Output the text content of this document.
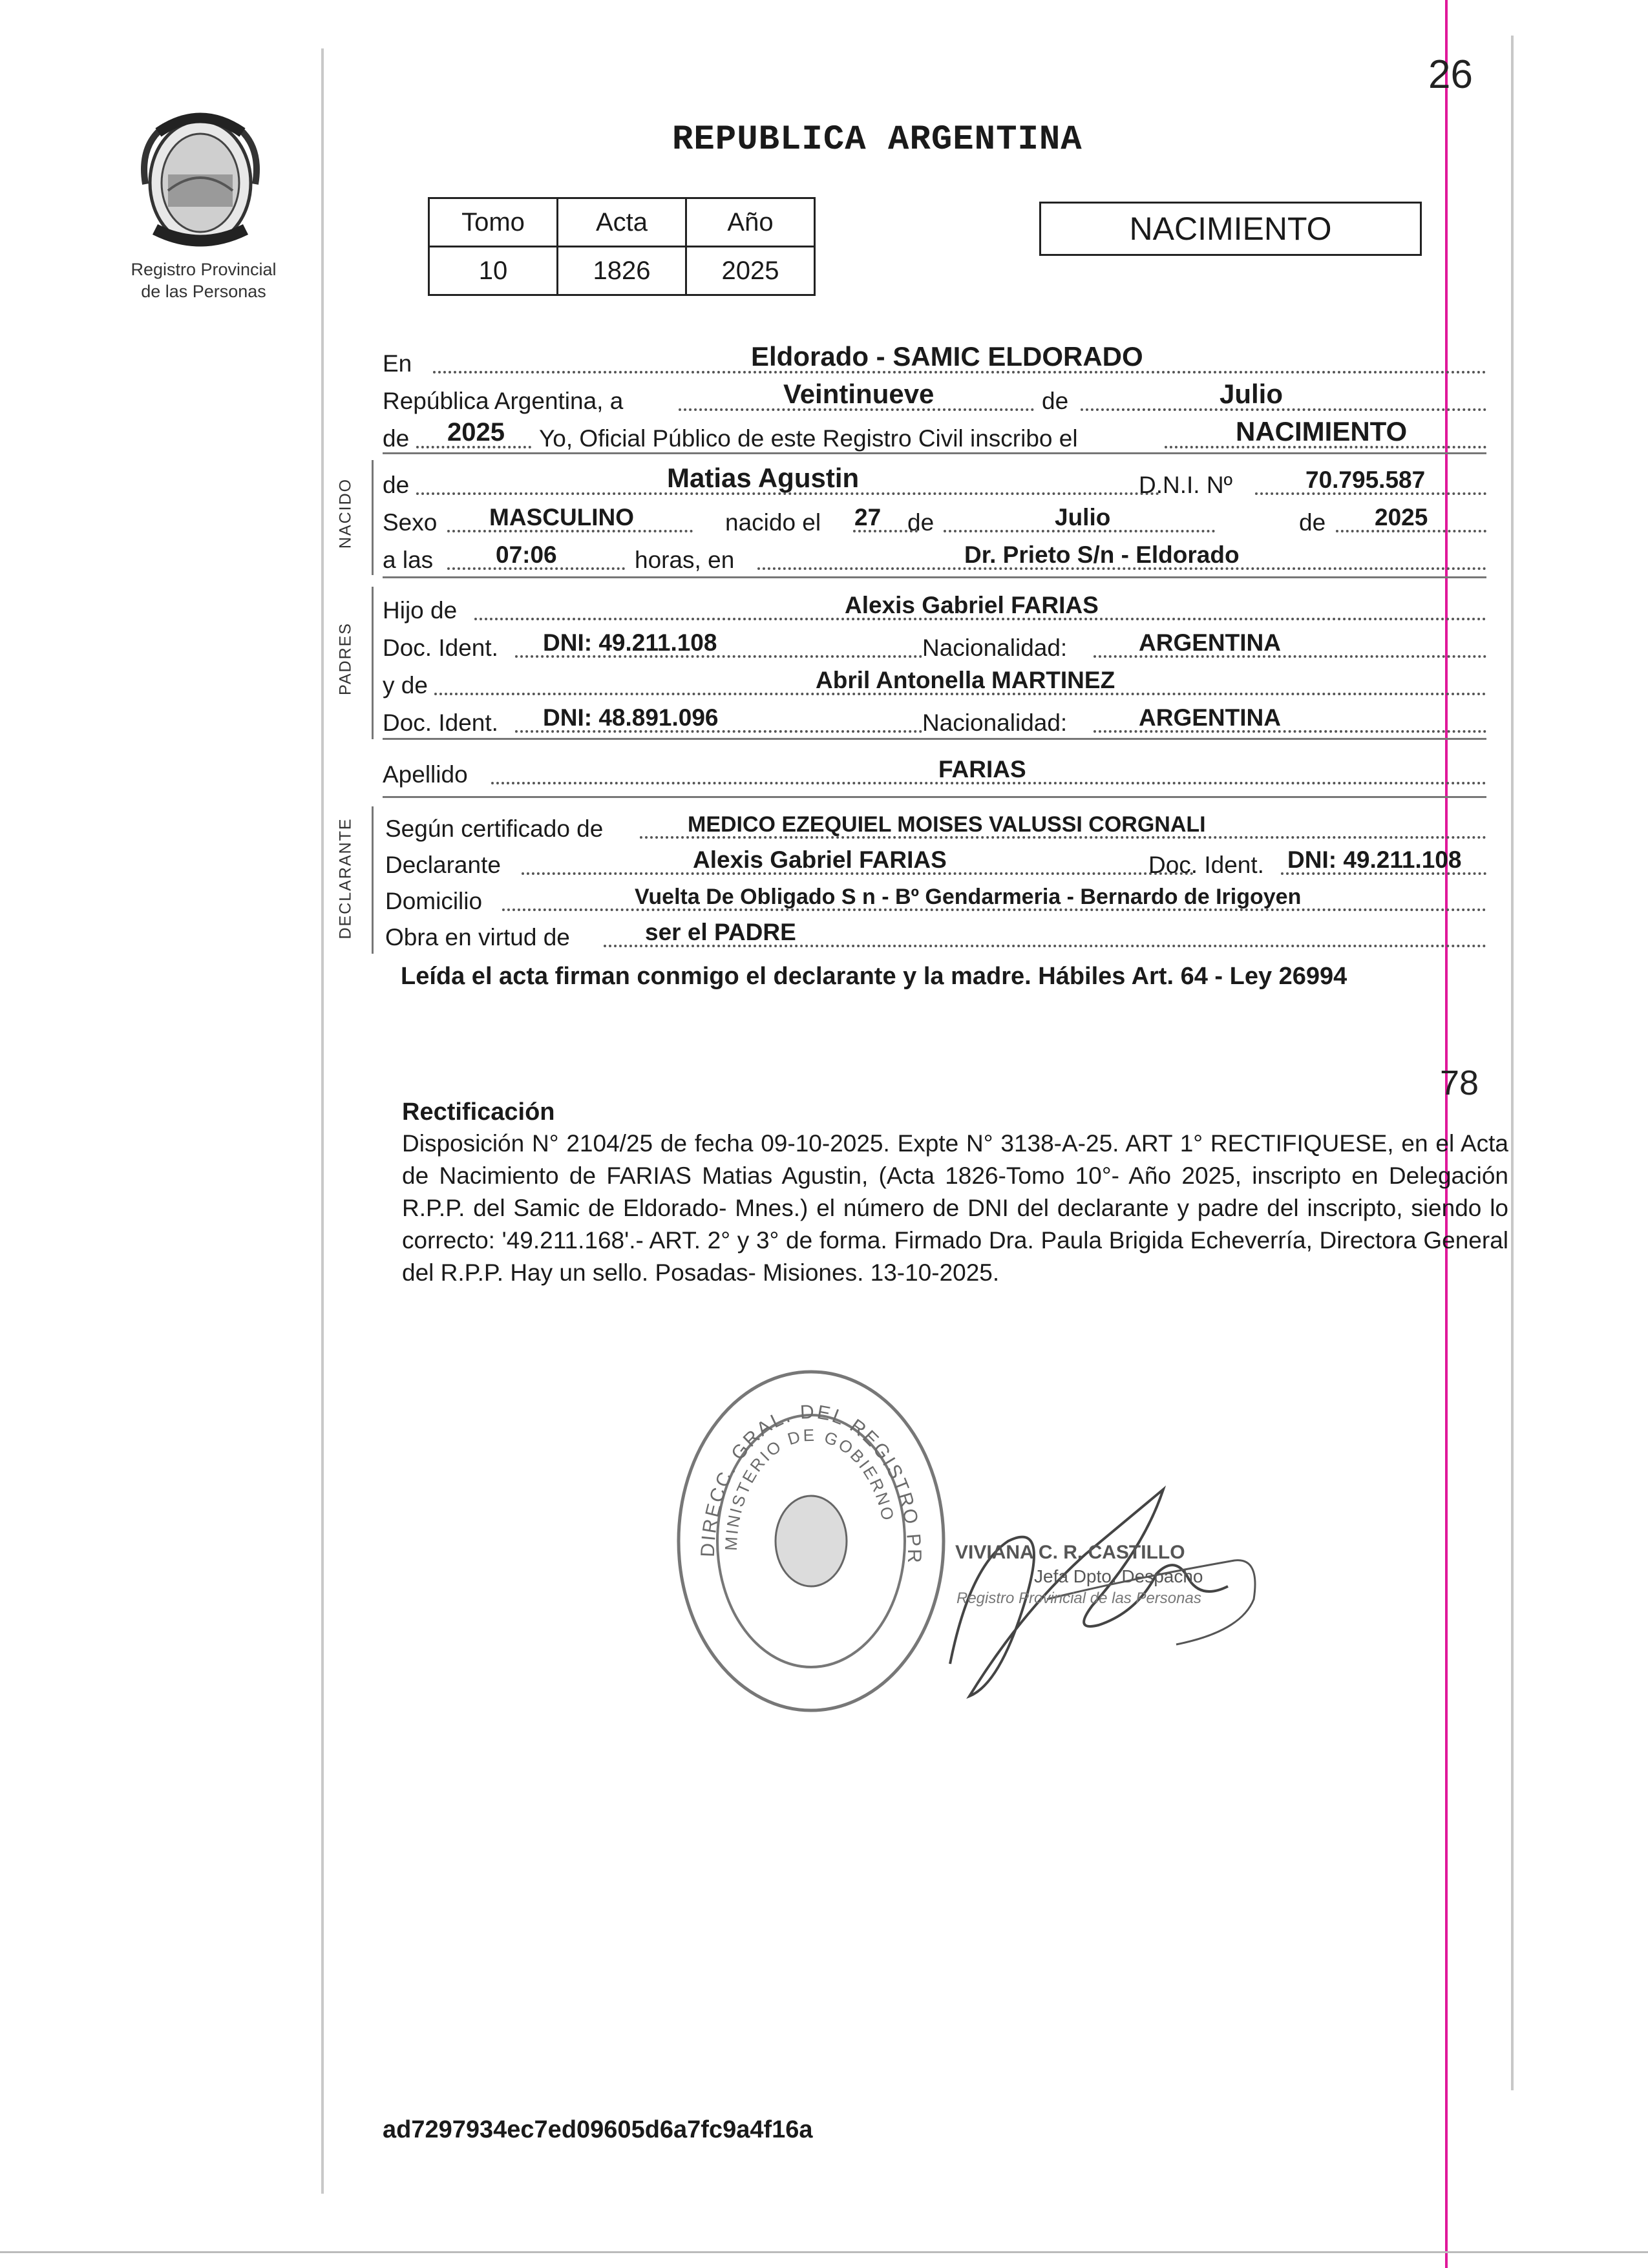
26
Registro Provincial
de las Personas
REPUBLICA ARGENTINA
Tomo	Acta	Año
10	1826	2025
NACIMIENTO
En	Eldorado - SAMIC ELDORADO
República Argentina, a	Veintinueve	de	Julio
de 2025 Yo, Oficial Público de este Registro Civil inscribo el	NACIMIENTO
NACIDO de	Matias Agustin	D.N.I. Nº	70.795.587
Sexo MASCULINO	nacido el 27 de	Julio	de 2025
a las	07:06	horas, en	Dr. Prieto S/n - Eldorado
PADRES
Hijo de	Alexis Gabriel FARIAS
Doc. Ident. DNI: 49.211.108	Nacionalidad:	ARGENTINA
y de	Abril Antonella MARTINEZ
Doc. Ident. DNI: 48.891.096	Nacionalidad:	ARGENTINA
Apellido	FARIAS
DECLARANTE Según certificado de	MEDICO EZEQUIEL MOISES VALUSSI CORGNALI
Declarante	Alexis Gabriel FARIAS	Doc. Ident. DNI: 49.211.108
Domicilio	Vuelta De Obligado S n - Bº Gendarmeria - Bernardo de Irigoyen
Obra en virtud de	ser el PADRE
Leída el acta firman conmigo el declarante y la madre. Hábiles Art. 64 - Ley 26994
78
Rectificación
Disposición N° 2104/25 de fecha 09-10-2025. Expte N° 3138-A-25. ART 1° RECTIFIQUESE, en el Acta de Nacimiento de FARIAS Matias Agustin, (Acta 1826-Tomo 10°- Año 2025, inscripto en Delegación R.P.P. del Samic de Eldorado- Mnes.) el número de DNI del declarante y padre del inscripto, siendo lo correcto: '49.211.168'.- ART. 2° y 3° de forma. Firmado Dra. Paula Brigida Echeverría, Directora General del R.P.P. Hay un sello. Posadas- Misiones. 13-10-2025.
DIRECC. GRAL. DEL REGISTRO PR
MINISTERIO DE GOBIERNO
VIVIANA C. R. CASTILLO
Jefa Dpto. Despacho
Registro Provincial de las Personas
ad7297934ec7ed09605d6a7fc9a4f16a
